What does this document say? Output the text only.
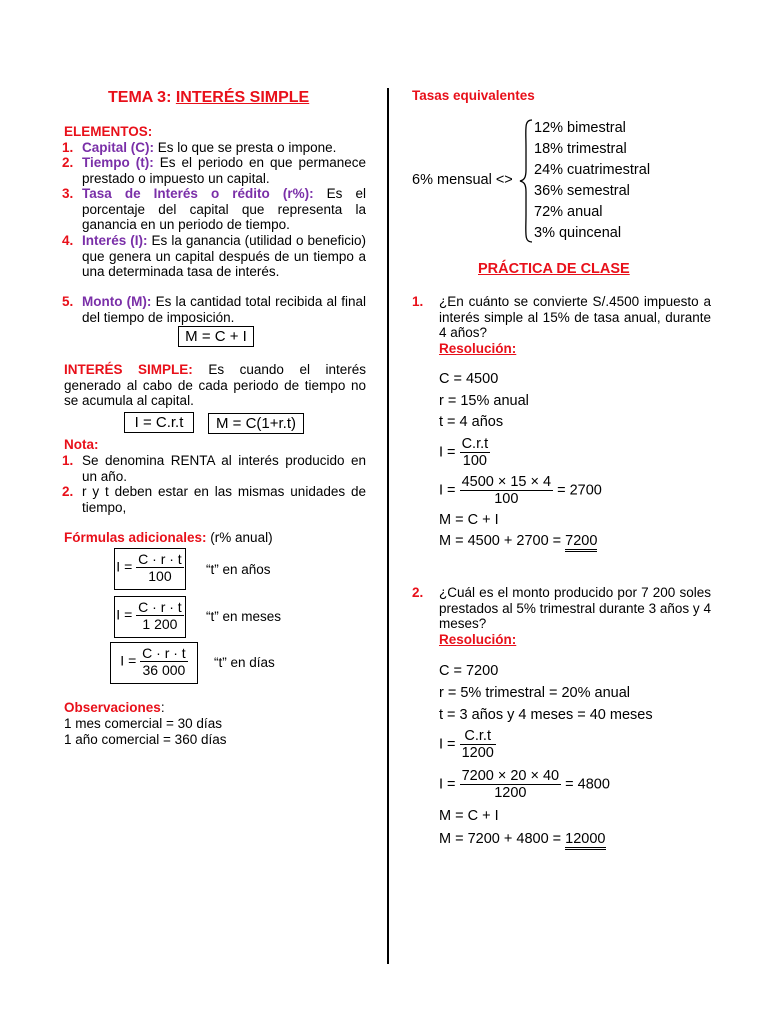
TEMA 3: INTERÉS SIMPLE
ELEMENTOS:
1. Capital (C): Es lo que se presta o impone.
2. Tiempo (t): Es el periodo en que permanece prestado o impuesto un capital.
3. Tasa de Interés o rédito (r%): Es el porcentaje del capital que representa la ganancia en un periodo de tiempo.
4. Interés (I): Es la ganancia (utilidad o beneficio) que genera un capital después de un tiempo a una determinada tasa de interés.
5. Monto (M): Es la cantidad total recibida al final del tiempo de imposición.
M = C + I
INTERÉS SIMPLE: Es cuando el interés generado al cabo de cada periodo de tiempo no se acumula al capital.
I = C.r.t	M = C(1+r.t)
Nota:
1. Se denomina RENTA al interés producido en un año.
2. r y t deben estar en las mismas unidades de tiempo,
Fórmulas adicionales: (r% anual)
$I = \frac{C \cdot r \cdot t}{100}$ “t” en años
$I = \frac{C \cdot r \cdot t}{1 200}$ “t” en meses
$I = \frac{C \cdot r \cdot t}{36 000}$ “t” en días
Observaciones:
1 mes comercial = 30 días
1 año comercial = 360 días
Tasas equivalentes
6% mensual <>
12% bimestral
18% trimestral
24% cuatrimestral
36% semestral
72% anual
3% quincenal
PRÁCTICA DE CLASE
1. ¿En cuánto se convierte S/.4500 impuesto a interés simple al 15% de tasa anual, durante 4 años?
Resolución:
C = 4500
r = 15% anual
t = 4 años
$I = \frac{C.r.t}{100}$
$I = \frac{4500 \times 15 \times 4}{100} = 2700$
M = C + I
M = 4500 + 2700 = 7200
2. ¿Cuál es el monto producido por 7 200 soles prestados al 5% trimestral durante 3 años y 4 meses?
Resolución:
C = 7200
r = 5% trimestral = 20% anual
t = 3 años y 4 meses = 40 meses
$I = \frac{C.r.t}{1200}$
$I = \frac{7200 \times 20 \times 40}{1200} = 4800$
M = C + I
M = 7200 + 4800 = 12000
